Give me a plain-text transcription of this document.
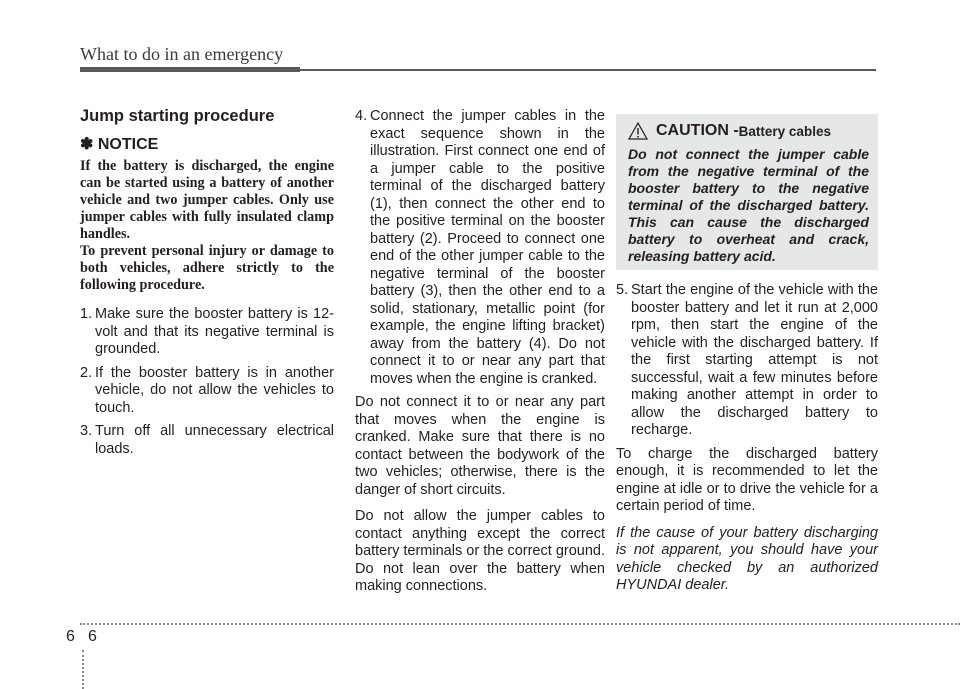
What to do in an emergency
Jump starting procedure
✽ NOTICE

If the battery is discharged, the engine can be started using a battery of another vehicle and two jumper cables. Only use jumper cables with fully insulated clamp handles.

To prevent personal injury or damage to both vehicles, adhere strictly to the following procedure.

1. Make sure the booster battery is 12-volt and that its negative terminal is grounded.
2. If the booster battery is in another vehicle, do not allow the vehicles to touch.
3. Turn off all unnecessary electrical loads.
4. Connect the jumper cables in the exact sequence shown in the illustration. First connect one end of a jumper cable to the positive terminal of the discharged battery (1), then connect the other end to the positive terminal on the booster battery (2). Proceed to connect one end of the other jumper cable to the negative terminal of the booster battery (3), then the other end to a solid, stationary, metallic point (for example, the engine lifting bracket) away from the battery (4). Do not connect it to or near any part that moves when the engine is cranked.

Do not connect it to or near any part that moves when the engine is cranked. Make sure that there is no contact between the bodywork of the two vehicles; otherwise, there is the danger of short circuits.

Do not allow the jumper cables to contact anything except the correct battery terminals or the correct ground. Do not lean over the battery when making connections.

CAUTION - Battery cables

Do not connect the jumper cable from the negative terminal of the booster battery to the negative terminal of the discharged battery. This can cause the discharged battery to overheat and crack, releasing battery acid.

5. Start the engine of the vehicle with the booster battery and let it run at 2,000 rpm, then start the engine of the vehicle with the discharged battery. If the first starting attempt is not successful, wait a few minutes before making another attempt in order to allow the discharged battery to recharge.

To charge the discharged battery enough, it is recommended to let the engine at idle or to drive the vehicle for a certain period of time.

If the cause of your battery discharging is not apparent, you should have your vehicle checked by an authorized HYUNDAI dealer.

6 6
